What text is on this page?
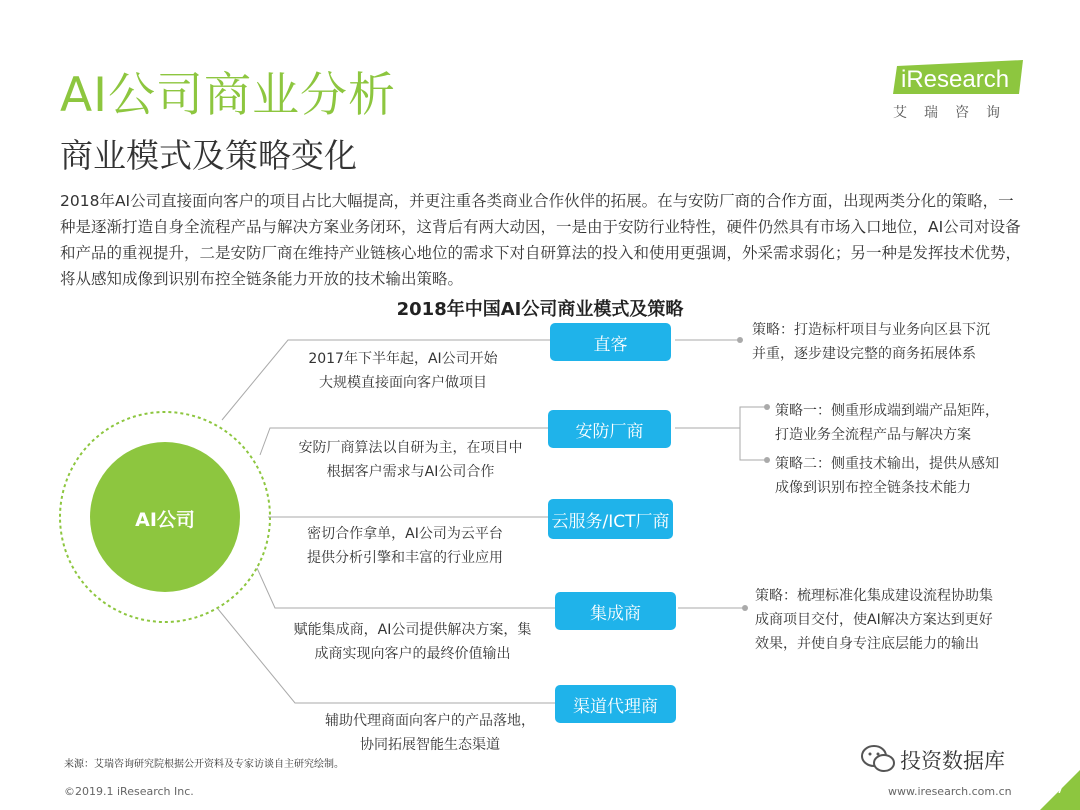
AI公司商业分析
商业模式及策略变化
iResearch
艾瑞咨询
2018年AI公司直接面向客户的项目占比大幅提高，并更注重各类商业合作伙伴的拓展。在与安防厂商的合作方面，出现两类分化的策略，一种是逐渐打造自身全流程产品与解决方案业务闭环，这背后有两大动因，一是由于安防行业特性，硬件仍然具有市场入口地位，AI公司对设备和产品的重视提升，二是安防厂商在维持产业链核心地位的需求下对自研算法的投入和使用更强调，外采需求弱化；另一种是发挥技术优势，将从感知成像到识别布控全链条能力开放的技术输出策略。
2018年中国AI公司商业模式及策略
AI公司
直客
2017年下半年起，AI公司开始
大规模直接面向客户做项目
策略：打造标杆项目与业务向区县下沉
并重，逐步建设完整的商务拓展体系
安防厂商
安防厂商算法以自研为主，在项目中
根据客户需求与AI公司合作
策略一：侧重形成端到端产品矩阵，
打造业务全流程产品与解决方案
策略二：侧重技术输出，提供从感知
成像到识别布控全链条技术能力
云服务/ICT厂商
密切合作拿单，AI公司为云平台
提供分析引擎和丰富的行业应用
集成商
赋能集成商，AI公司提供解决方案，集
成商实现向客户的最终价值输出
策略：梳理标准化集成建设流程协助集
成商项目交付，使AI解决方案达到更好
效果，并使自身专注底层能力的输出
渠道代理商
辅助代理商面向客户的产品落地，
协同拓展智能生态渠道
来源：艾瑞咨询研究院根据公开资料及专家访谈自主研究绘制。
©2019.1 iResearch Inc.	www.iresearch.com.cn
投资数据库
37
